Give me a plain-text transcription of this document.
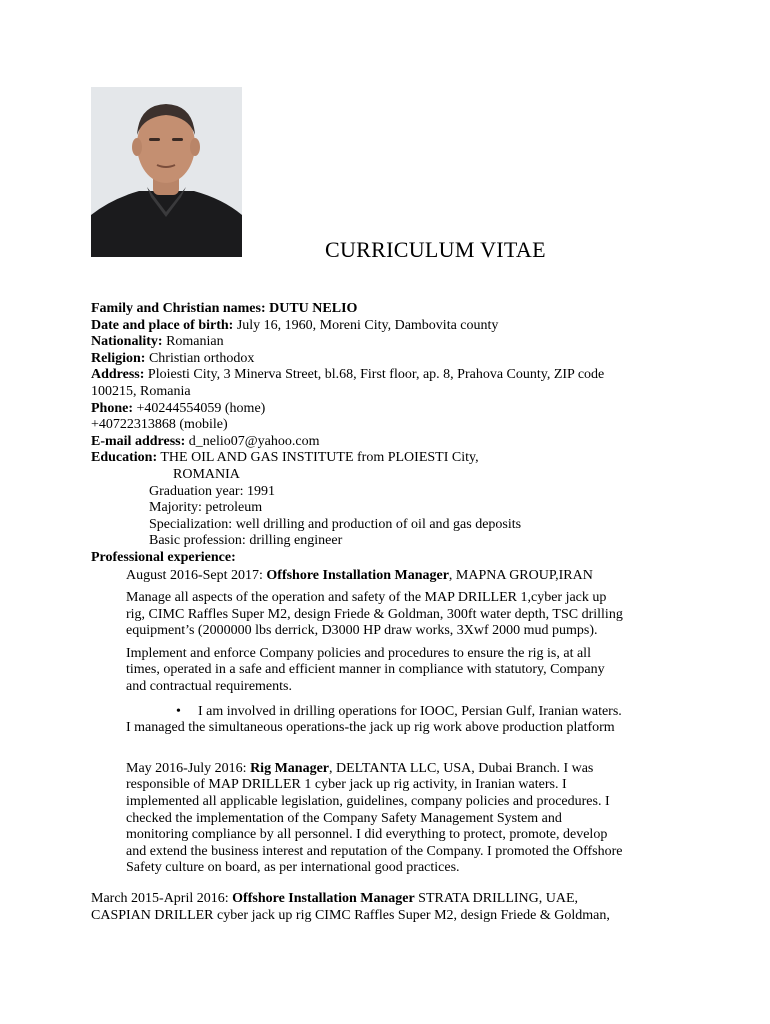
CURRICULUM VITAE
Family and Christian names: DUTU NELIO
Date and place of birth: July 16, 1960, Moreni City, Dambovita county
Nationality: Romanian
Religion: Christian orthodox
Address: Ploiesti City, 3 Minerva Street, bl.68, First floor, ap. 8, Prahova County, ZIP code
100215, Romania
Phone: +40244554059 (home)
+40722313868 (mobile)
E-mail address: d_nelio07@yahoo.com
Education: THE OIL AND GAS INSTITUTE from PLOIESTI City,
ROMANIA
Graduation year: 1991
Majority: petroleum
Specialization: well drilling and production of oil and gas deposits
Basic profession: drilling engineer
Professional experience:
August 2016-Sept 2017: Offshore Installation Manager, MAPNA GROUP,IRAN
Manage all aspects of the operation and safety of the MAP DRILLER 1,cyber jack up
rig, CIMC Raffles Super M2, design Friede & Goldman, 300ft water depth, TSC drilling
equipment’s (2000000 lbs derrick, D3000 HP draw works, 3Xwf 2000 mud pumps).
Implement and enforce Company policies and procedures to ensure the rig is, at all
times, operated in a safe and efficient manner in compliance with statutory, Company
and contractual requirements.
• I am involved in drilling operations for IOOC, Persian Gulf, Iranian waters.
I managed the simultaneous operations-the jack up rig work above production platform
May 2016-July 2016: Rig Manager, DELTANTA LLC, USA, Dubai Branch. I was
responsible of MAP DRILLER 1 cyber jack up rig activity, in Iranian waters. I
implemented all applicable legislation, guidelines, company policies and procedures. I
checked the implementation of the Company Safety Management System and
monitoring compliance by all personnel. I did everything to protect, promote, develop
and extend the business interest and reputation of the Company. I promoted the Offshore
Safety culture on board, as per international good practices.
March 2015-April 2016: Offshore Installation Manager STRATA DRILLING, UAE,
CASPIAN DRILLER cyber jack up rig CIMC Raffles Super M2, design Friede & Goldman,
